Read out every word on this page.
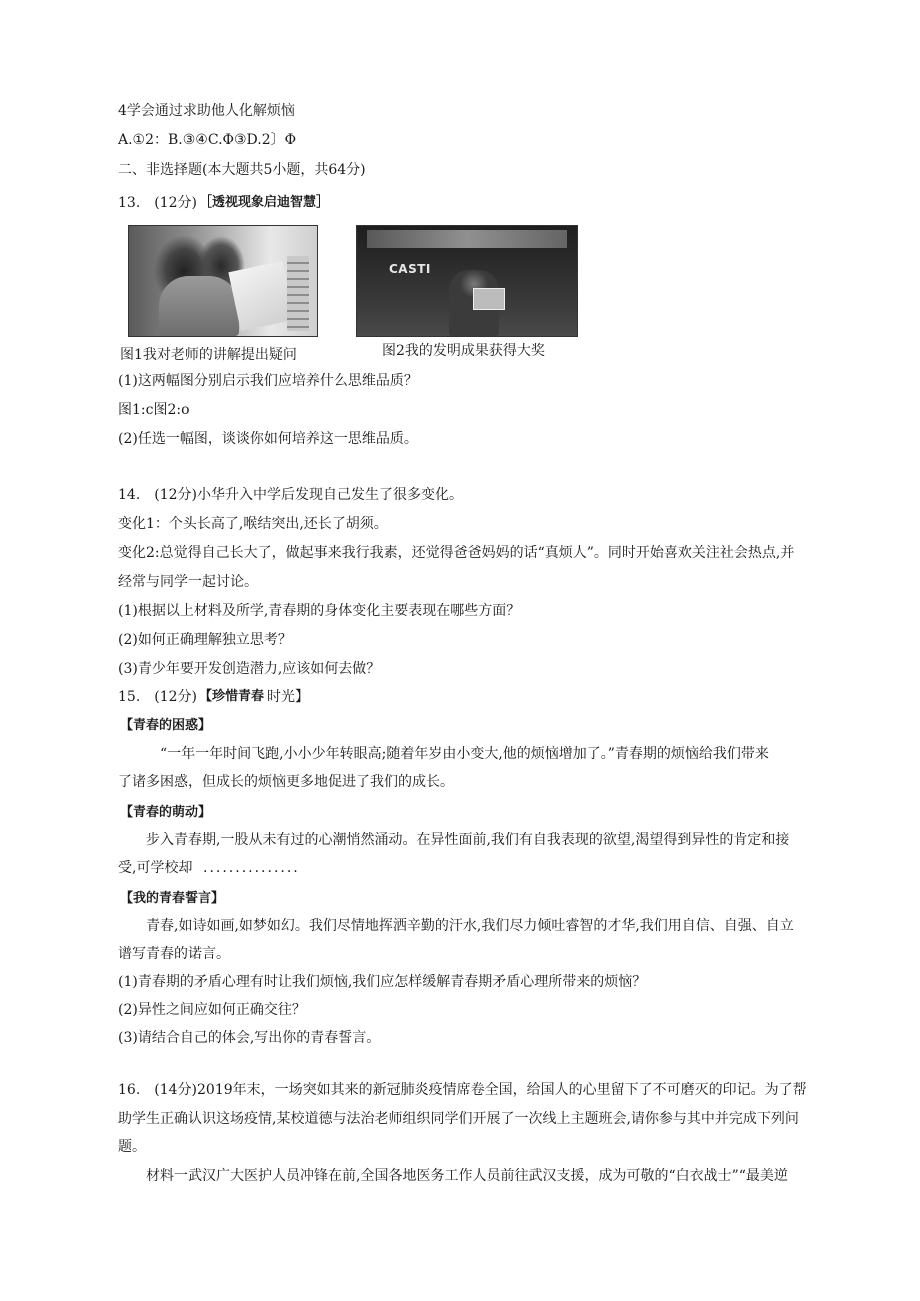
4学会通过求助他人化解烦恼
A.①2：B.③④C.Φ③D.2〕Φ
二、非选择题(本大题共5小题，共64分)
13.　(12分) ［透视现象启迪智慧］
CASTI
图1我对老师的讲解提出疑问	图2我的发明成果获得大奖
(1)这两幅图分别启示我们应培养什么思维品质？
图1:c图2:o
(2)任选一幅图，谈谈你如何培养这一思维品质。
14.　(12分)小华升入中学后发现自己发生了很多变化。
变化1：个头长高了,喉结突出,还长了胡须。
变化2:总觉得自己长大了，做起事来我行我素，还觉得爸爸妈妈的话“真烦人”。同时开始喜欢关注社会热点,并
经常与同学一起讨论。
(1)根据以上材料及所学,青春期的身体变化主要表现在哪些方面？
(2)如何正确理解独立思考？
(3)青少年要开发创造潜力,应该如何去做？
15.　(12分) 【珍惜青春 时光】
【青春的困惑】
“一年一年时间飞跑,小小少年转眼高;随着年岁由小变大,他的烦恼增加了。”青春期的烦恼给我们带来
了诸多困惑，但成长的烦恼更多地促进了我们的成长。
【青春的萌动】
步入青春期,一股从未有过的心潮悄然涌动。在异性面前,我们有自我表现的欲望,渴望得到异性的肯定和接
受,可学校却 ...............
【我的青春誓言】
青春,如诗如画,如梦如幻。我们尽情地挥洒辛勤的汗水,我们尽力倾吐睿智的才华,我们用自信、自强、自立
谱写青春的诺言。
(1)青春期的矛盾心理有时让我们烦恼,我们应怎样缓解青春期矛盾心理所带来的烦恼？
(2)异性之间应如何正确交往？
(3)请结合自己的体会,写出你的青春誓言。
16.　(14分)2019年末，一场突如其来的新冠肺炎疫情席卷全国，给国人的心里留下了不可磨灭的印记。为了帮
助学生正确认识这场疫情,某校道德与法治老师组织同学们开展了一次线上主题班会,请你参与其中并完成下列问
题。
材料一武汉广大医护人员冲锋在前,全国各地医务工作人员前往武汉支援，成为可敬的“白衣战士”“最美逆
